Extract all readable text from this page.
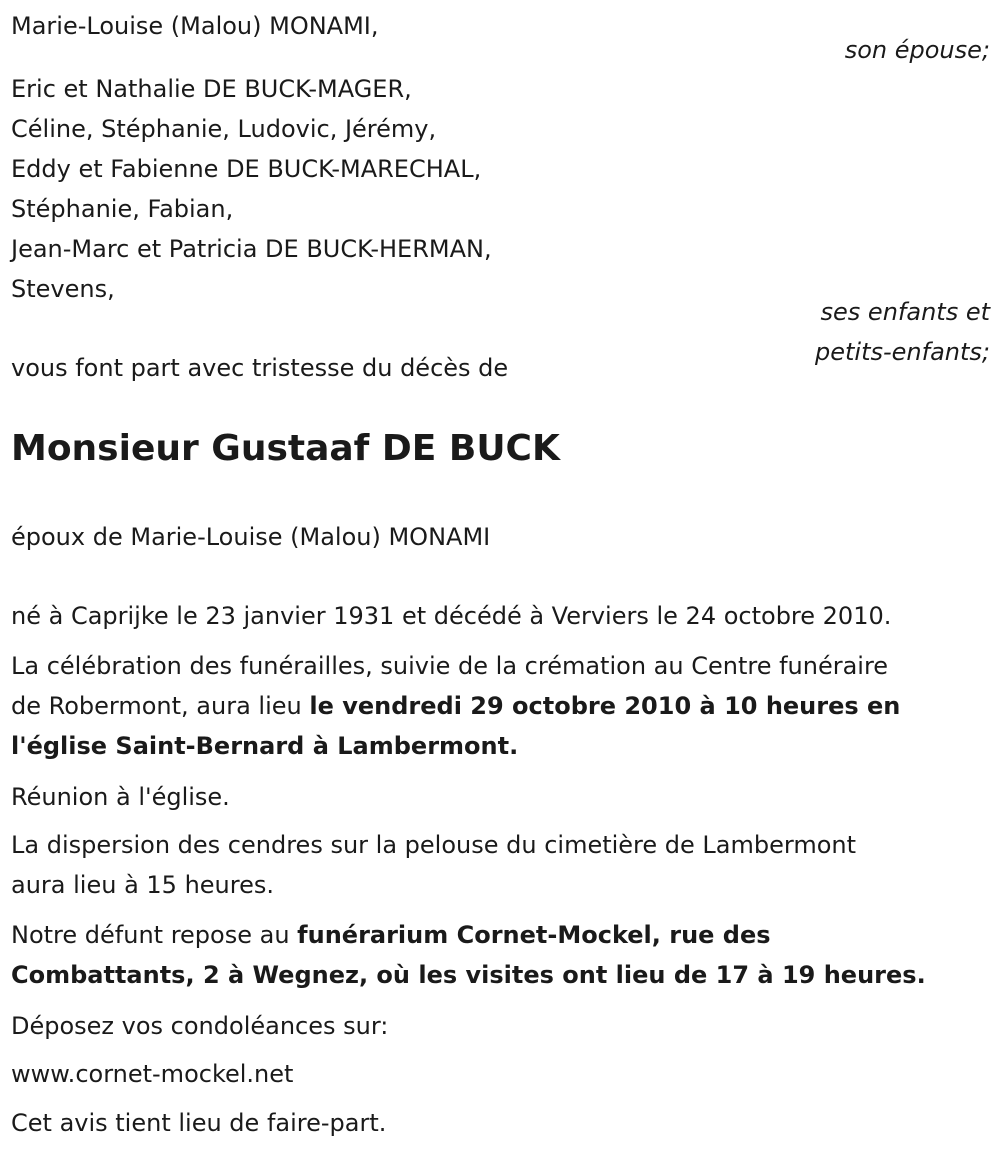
Marie-Louise (Malou) MONAMI,
son épouse;
Eric et Nathalie DE BUCK-MAGER,
Céline, Stéphanie, Ludovic, Jérémy,
Eddy et Fabienne DE BUCK-MARECHAL,
Stéphanie, Fabian,
Jean-Marc et Patricia DE BUCK-HERMAN,
Stevens,
ses enfants et
petits-enfants;
vous font part avec tristesse du décès de
Monsieur Gustaaf DE BUCK
époux de Marie-Louise (Malou) MONAMI
né à Caprijke le 23 janvier 1931 et décédé à Verviers le 24 octobre 2010.
La célébration des funérailles, suivie de la crémation au Centre funéraire
de Robermont, aura lieu le vendredi 29 octobre 2010 à 10 heures en
l'église Saint-Bernard à Lambermont.
Réunion à l'église.
La dispersion des cendres sur la pelouse du cimetière de Lambermont
aura lieu à 15 heures.
Notre défunt repose au funérarium Cornet-Mockel, rue des
Combattants, 2 à Wegnez, où les visites ont lieu de 17 à 19 heures.
Déposez vos condoléances sur:
www.cornet-mockel.net
Cet avis tient lieu de faire-part.
